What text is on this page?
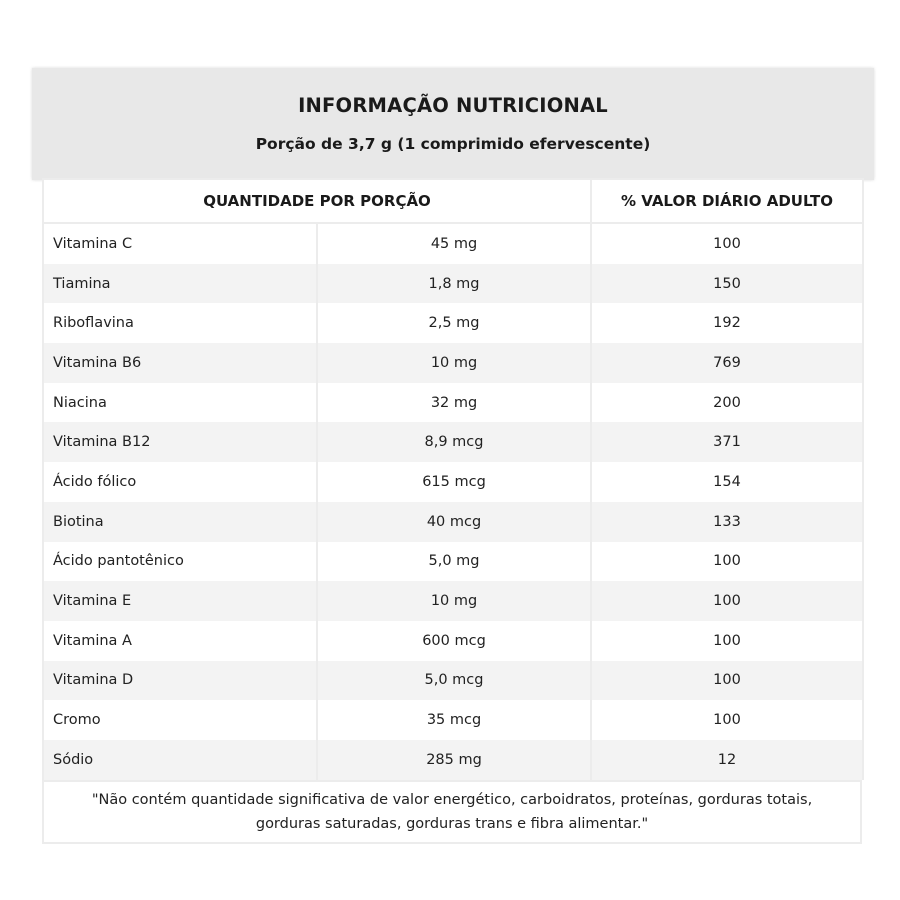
INFORMAÇÃO NUTRICIONAL
Porção de 3,7 g (1 comprimido efervescente)
QUANTIDADE POR PORÇÃO		% VALOR DIÁRIO ADULTO
Vitamina C	45 mg	100
Tiamina	1,8 mg	150
Riboflavina	2,5 mg	192
Vitamina B6	10 mg	769
Niacina	32 mg	200
Vitamina B12	8,9 mcg	371
Ácido fólico	615 mcg	154
Biotina	40 mcg	133
Ácido pantotênico	5,0 mg	100
Vitamina E	10 mg	100
Vitamina A	600 mcg	100
Vitamina D	5,0 mcg	100
Cromo	35 mcg	100
Sódio	285 mg	12
"Não contém quantidade significativa de valor energético, carboidratos, proteínas, gorduras totais,
gorduras saturadas, gorduras trans e fibra alimentar."
